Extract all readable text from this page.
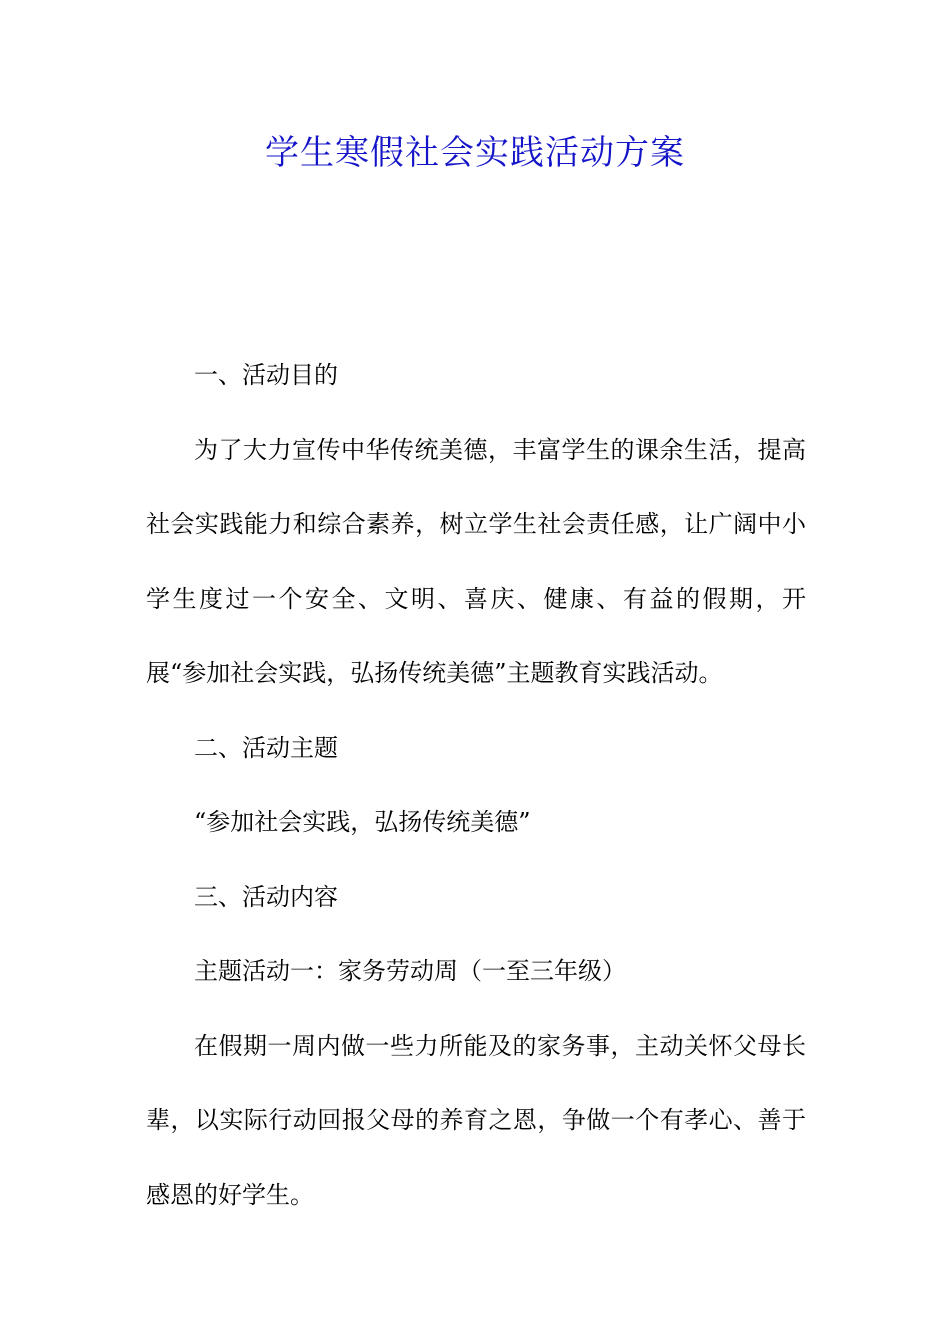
学生寒假社会实践活动方案

一、活动目的

为了大力宣传中华传统美德，丰富学生的课余生活，提高社会实践能力和综合素养，树立学生社会责任感，让广阔中小学生度过一个安全、文明、喜庆、健康、有益的假期，开展“参加社会实践，弘扬传统美德”主题教育实践活动。

二、活动主题

“参加社会实践，弘扬传统美德”

三、活动内容

主题活动一：家务劳动周（一至三年级）

在假期一周内做一些力所能及的家务事，主动关怀父母长辈，以实际行动回报父母的养育之恩，争做一个有孝心、善于感恩的好学生。
